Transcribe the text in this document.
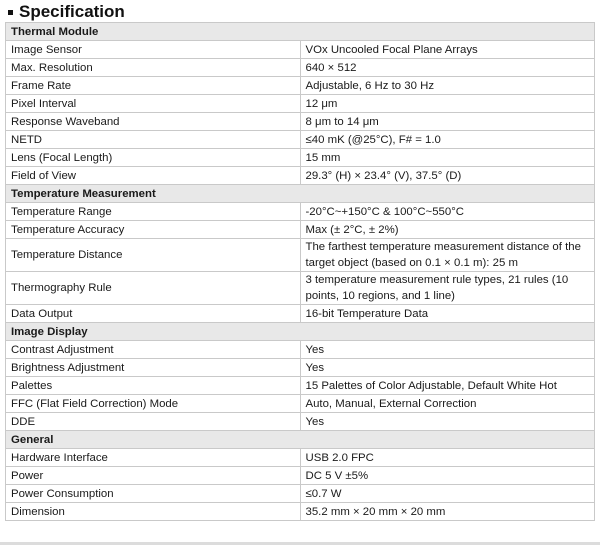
Specification
Thermal Module	
Image Sensor	VOx Uncooled Focal Plane Arrays
Max. Resolution	640 × 512
Frame Rate	Adjustable, 6 Hz to 30 Hz
Pixel Interval	12 μm
Response Waveband	8 μm to 14 μm
NETD	≤40 mK (@25°C), F# = 1.0
Lens (Focal Length)	15 mm
Field of View	29.3° (H) × 23.4° (V), 37.5° (D)
Temperature Measurement	
Temperature Range	-20°C~+150°C & 100°C~550°C
Temperature Accuracy	Max (± 2°C, ± 2%)
Temperature Distance	The farthest temperature measurement distance of the target object (based on 0.1 × 0.1 m): 25 m
Thermography Rule	3 temperature measurement rule types, 21 rules (10 points, 10 regions, and 1 line)
Data Output	16-bit Temperature Data
Image Display	
Contrast Adjustment	Yes
Brightness Adjustment	Yes
Palettes	15 Palettes of Color Adjustable, Default White Hot
FFC (Flat Field Correction) Mode	Auto, Manual, External Correction
DDE	Yes
General	
Hardware Interface	USB 2.0 FPC
Power	DC 5 V ±5%
Power Consumption	≤0.7 W
Dimension	35.2 mm × 20 mm × 20 mm
